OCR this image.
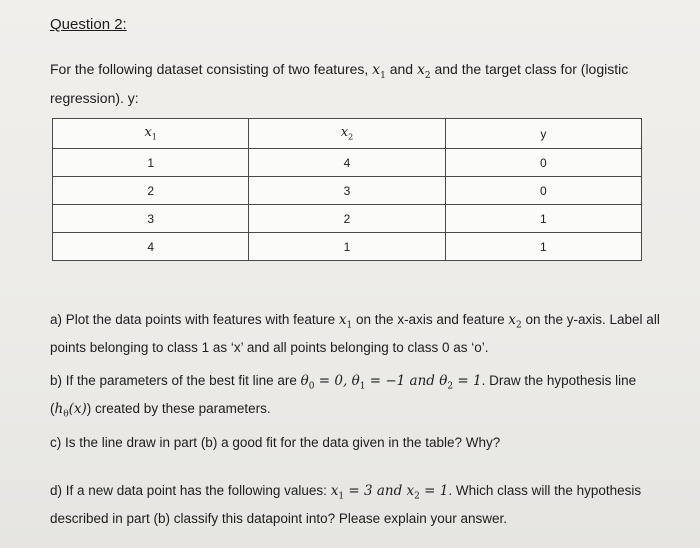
Question 2:
For the following dataset consisting of two features, $x_1$ and $x_2$ and the target class for (logistic regression). y:
$x_1$	$x_2$	y
1	4	0
2	3	0
3	2	1
4	1	1
a) Plot the data points with features with feature $x_1$ on the x-axis and feature $x_2$ on the y-axis. Label all points belonging to class 1 as ‘x’ and all points belonging to class 0 as ‘o’.
b) If the parameters of the best fit line are $\theta_0 = 0$, $\theta_1 = -1$ and $\theta_2 = 1$. Draw the hypothesis line $(h_\theta(x))$ created by these parameters.
c) Is the line draw in part (b) a good fit for the data given in the table? Why?
d) If a new data point has the following values: $x_1 = 3$ and $x_2 = 1$. Which class will the hypothesis described in part (b) classify this datapoint into? Please explain your answer.
